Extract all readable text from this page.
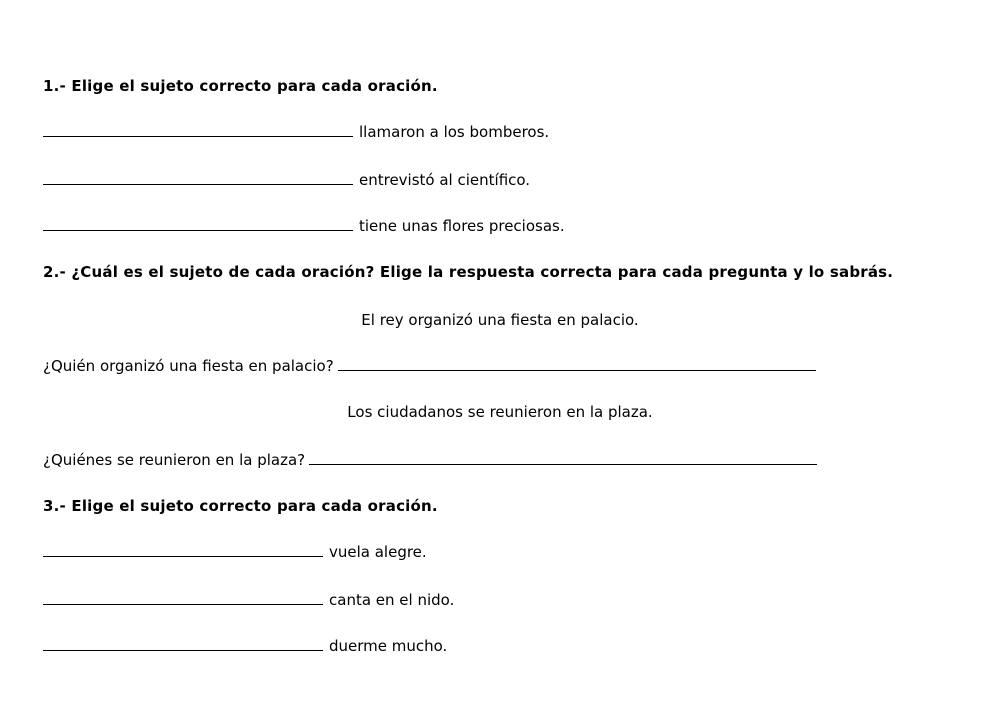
1.- Elige el sujeto correcto para cada oración.
llamaron a los bomberos.
entrevistó al científico.
tiene unas flores preciosas.
2.- ¿Cuál es el sujeto de cada oración? Elige la respuesta correcta para cada pregunta y lo sabrás.
El rey organizó una fiesta en palacio.
¿Quién organizó una fiesta en palacio?
Los ciudadanos se reunieron en la plaza.
¿Quiénes se reunieron en la plaza?
3.- Elige el sujeto correcto para cada oración.
vuela alegre.
canta en el nido.
duerme mucho.
